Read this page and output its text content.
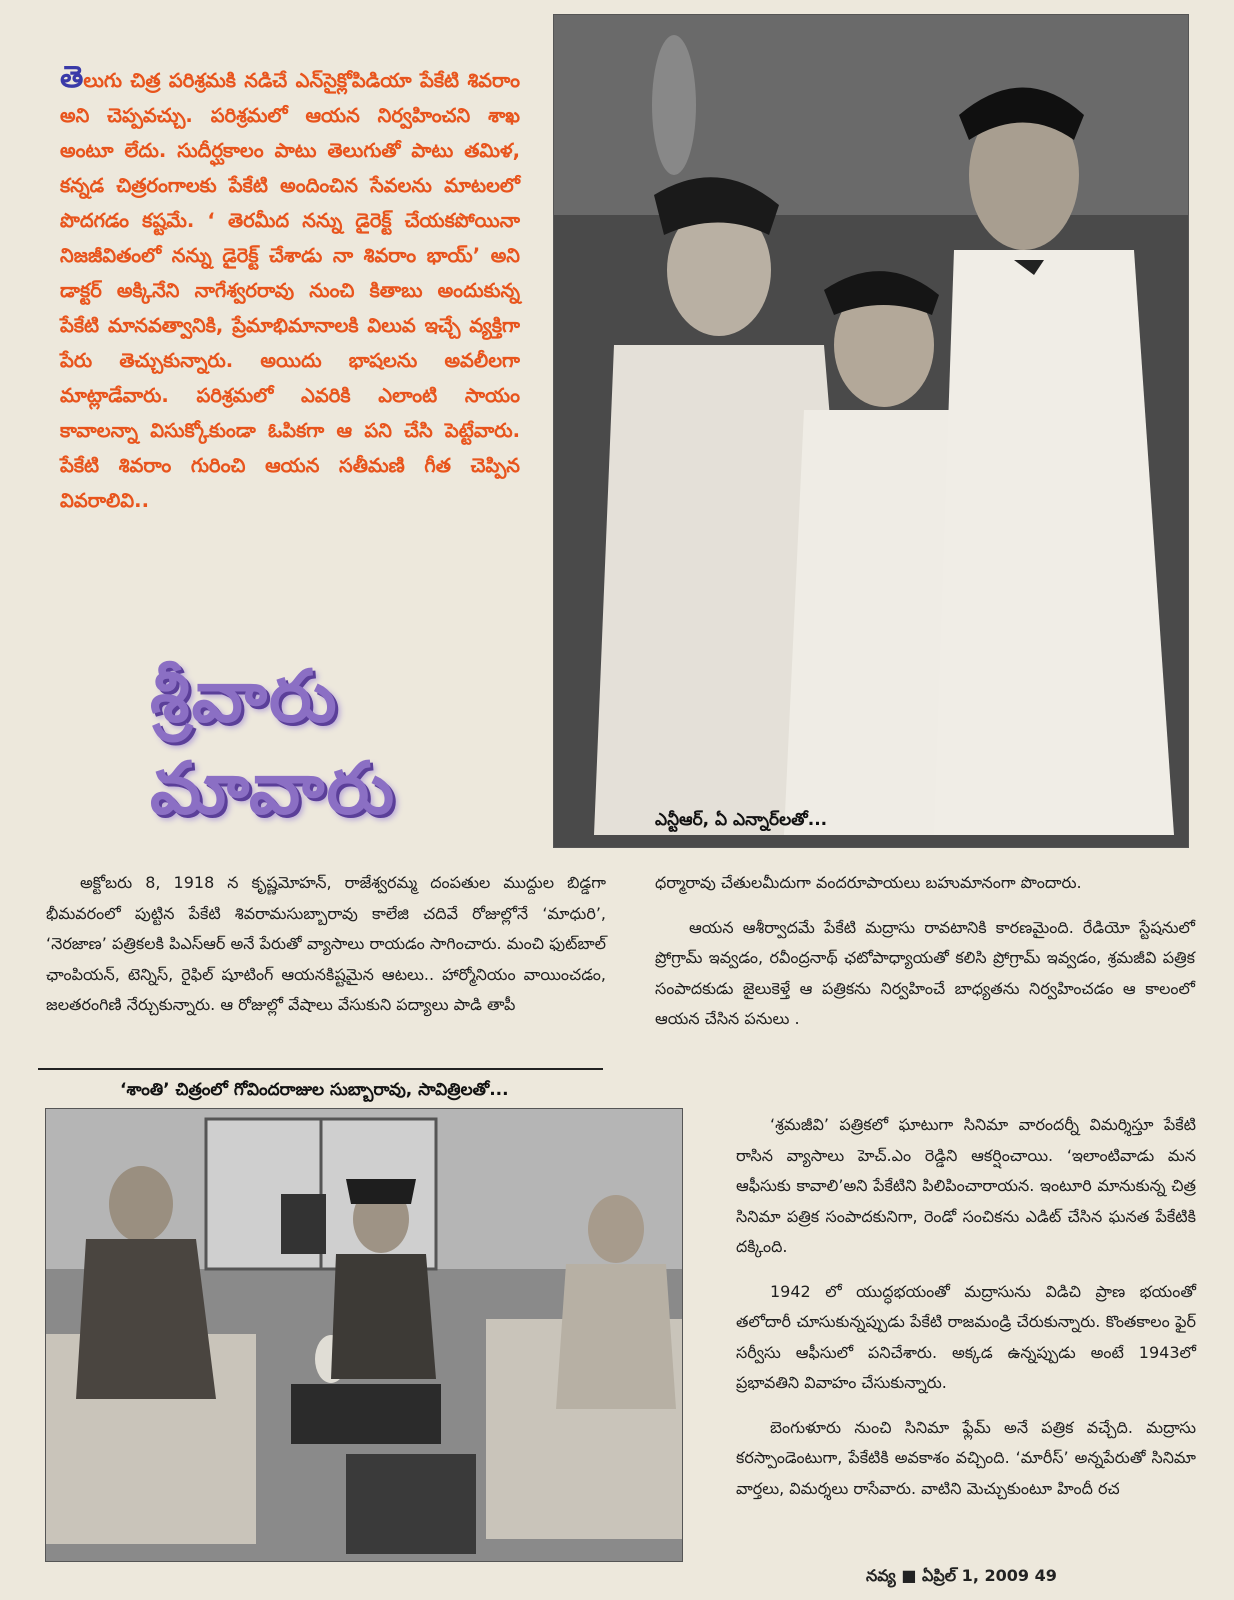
తెలుగు చిత్ర పరిశ్రమకి నడిచే ఎన్‌సైక్లోపిడియా పేకేటి శివరాం అని చెప్పవచ్చు. పరిశ్రమలో ఆయన నిర్వహించని శాఖ అంటూ లేదు. సుదీర్ఘకాలం పాటు తెలుగుతో పాటు తమిళ, కన్నడ చిత్రరంగాలకు పేకేటి అందించిన సేవలను మాటలలో పొదగడం కష్టమే. ‘ తెరమీద నన్ను డైరెక్ట్ చేయకపోయినా నిజజీవితంలో నన్ను డైరెక్ట్ చేశాడు నా శివరాం భాయ్’ అని డాక్టర్ అక్కినేని నాగేశ్వరరావు నుంచి కితాబు అందుకున్న పేకేటి మానవత్వానికి, ప్రేమాభిమానాలకి విలువ ఇచ్చే వ్యక్తిగా పేరు తెచ్చుకున్నారు. అయిదు భాషలను అవలీలగా మాట్లాడేవారు. పరిశ్రమలో ఎవరికి ఎలాంటి సాయం కావాలన్నా విసుక్కోకుండా ఓపికగా ఆ పని చేసి పెట్టేవారు. పేకేటి శివరాం గురించి ఆయన సతీమణి గీత చెప్పిన వివరాలివి..

శ్రీవారు
మావారు	ఎన్టీఆర్, ఏ ఎన్నార్‌లతో...

అక్టోబరు 8, 1918 న కృష్ణమోహన్, రాజేశ్వరమ్మ దంపతుల ముద్దుల బిడ్డగా భీమవరంలో పుట్టిన పేకేటి శివరామసుబ్బారావు కాలేజి చదివే రోజుల్లోనే ‘మాధురి’, ‘నెరజాణ’ పత్రికలకి పిఎస్‌ఆర్ అనే పేరుతో వ్యాసాలు రాయడం సాగించారు. మంచి ఫుట్‌బాల్ ఛాంపియన్, టెన్నిస్, రైఫిల్ షూటింగ్ ఆయనకిష్టమైన ఆటలు.. హార్మోనియం వాయించడం, జలతరంగిణి నేర్చుకున్నారు. ఆ రోజుల్లో వేషాలు వేసుకుని పద్యాలు పాడి తాపీ

‘శాంతి’ చిత్రంలో గోవిందరాజుల సుబ్బారావు, సావిత్రిలతో...

ధర్మారావు చేతులమీదుగా వందరూపాయలు బహుమానంగా పొందారు.

ఆయన ఆశీర్వాదమే పేకేటి మద్రాసు రావటానికి కారణమైంది. రేడియో స్టేషనులో ప్రోగ్రామ్ ఇవ్వడం, రవీంద్రనాథ్ ఛటోపాధ్యాయతో కలిసి ప్రోగ్రామ్ ఇవ్వడం, శ్రమజీవి పత్రిక సంపాదకుడు జైలుకెళ్తే ఆ పత్రికను నిర్వహించే బాధ్యతను నిర్వహించడం ఆ కాలంలో ఆయన చేసిన పనులు .

‘శ్రమజీవి’ పత్రికలో ఘాటుగా సినిమా వారందర్నీ విమర్శిస్తూ పేకేటి రాసిన వ్యాసాలు హెచ్.ఎం రెడ్డిని ఆకర్షించాయి. ‘ఇలాంటివాడు మన ఆఫీసుకు కావాలి’అని పేకేటిని పిలిపించారాయన. ఇంటూరి మానుకున్న చిత్ర సినిమా పత్రిక సంపాదకునిగా, రెండో సంచికను ఎడిట్ చేసిన ఘనత పేకేటికి దక్కింది.

1942 లో యుద్ధభయంతో మద్రాసును విడిచి ప్రాణ భయంతో తలోదారీ చూసుకున్నప్పుడు పేకేటి రాజమండ్రి చేరుకున్నారు. కొంతకాలం ఫైర్ సర్వీసు ఆఫీసులో పనిచేశారు. అక్కడ ఉన్నప్పుడు అంటే 1943లో ప్రభావతిని వివాహం చేసుకున్నారు.

బెంగుళూరు నుంచి సినిమా ఫ్లేమ్ అనే పత్రిక వచ్చేది. మద్రాసు కరస్పాండెంటుగా, పేకేటికి అవకాశం వచ్చింది. ‘మారీస్’ అన్నపేరుతో సినిమా వార్తలు, విమర్శలు రాసేవారు. వాటిని మెచ్చుకుంటూ హిందీ రచ

నవ్య ■ ఏప్రిల్ 1, 2009 49
